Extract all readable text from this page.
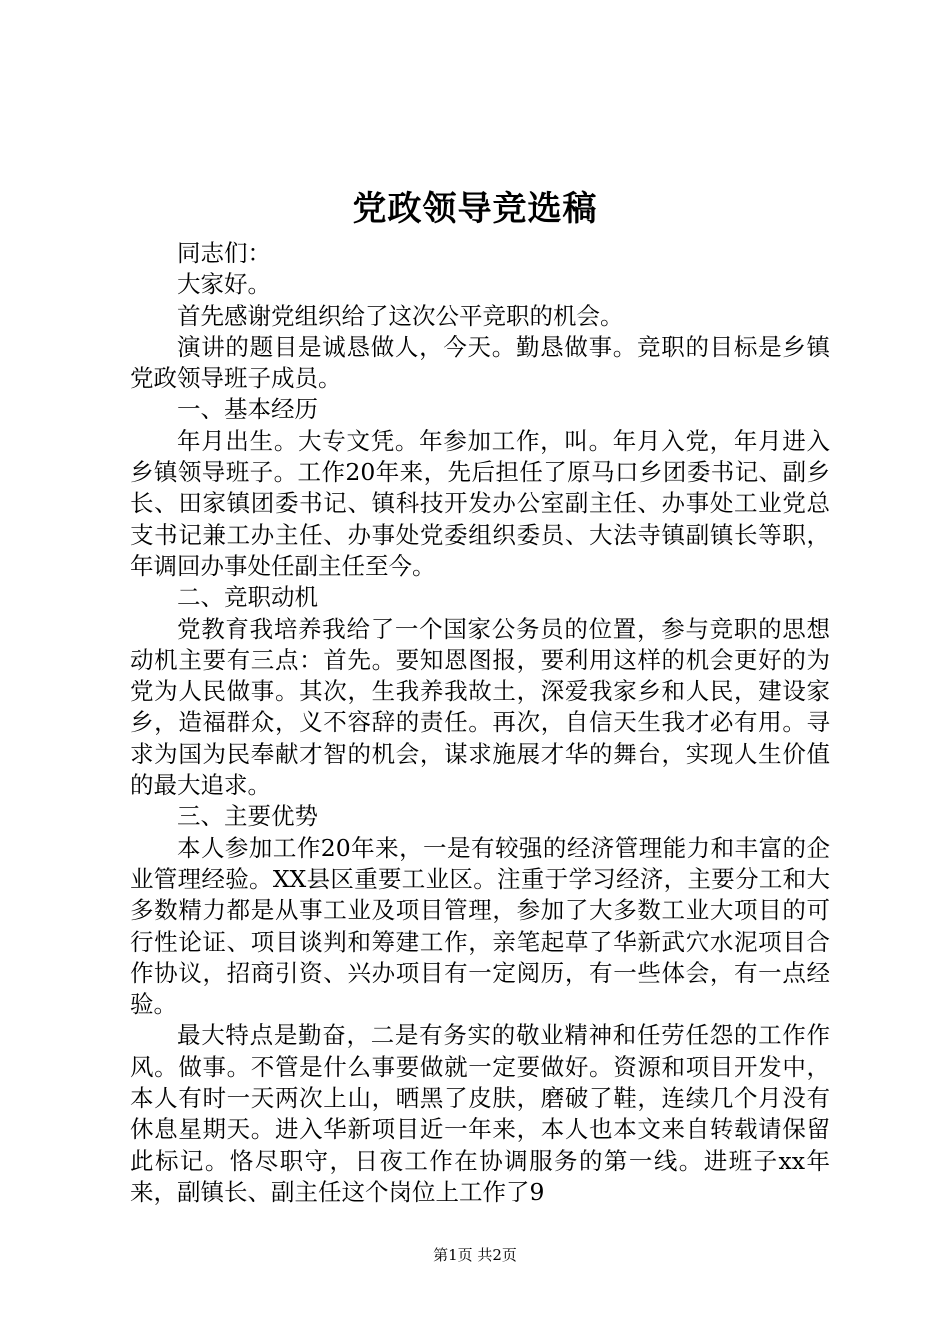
党政领导竞选稿

同志们：

大家好。

首先感谢党组织给了这次公平竞职的机会。

演讲的题目是诚恳做人，今天。勤恳做事。竞职的目标是乡镇党政领导班子成员。

一、基本经历

年月出生。大专文凭。年参加工作，叫。年月入党，年月进入乡镇领导班子。工作20年来，先后担任了原马口乡团委书记、副乡长、田家镇团委书记、镇科技开发办公室副主任、办事处工业党总支书记兼工办主任、办事处党委组织委员、大法寺镇副镇长等职，年调回办事处任副主任至今。

二、竞职动机

党教育我培养我给了一个国家公务员的位置，参与竞职的思想动机主要有三点：首先。要知恩图报，要利用这样的机会更好的为党为人民做事。其次，生我养我故土，深爱我家乡和人民，建设家乡，造福群众，义不容辞的责任。再次，自信天生我才必有用。寻求为国为民奉献才智的机会，谋求施展才华的舞台，实现人生价值的最大追求。

三、主要优势

本人参加工作20年来，一是有较强的经济管理能力和丰富的企业管理经验。XX县区重要工业区。注重于学习经济，主要分工和大多数精力都是从事工业及项目管理，参加了大多数工业大项目的可行性论证、项目谈判和筹建工作，亲笔起草了华新武穴水泥项目合作协议，招商引资、兴办项目有一定阅历，有一些体会，有一点经验。

最大特点是勤奋，二是有务实的敬业精神和任劳任怨的工作作风。做事。不管是什么事要做就一定要做好。资源和项目开发中，本人有时一天两次上山，晒黑了皮肤，磨破了鞋，连续几个月没有休息星期天。进入华新项目近一年来，本人也本文来自转载请保留此标记。恪尽职守，日夜工作在协调服务的第一线。进班子xx年来，副镇长、副主任这个岗位上工作了9

第1页 共2页
